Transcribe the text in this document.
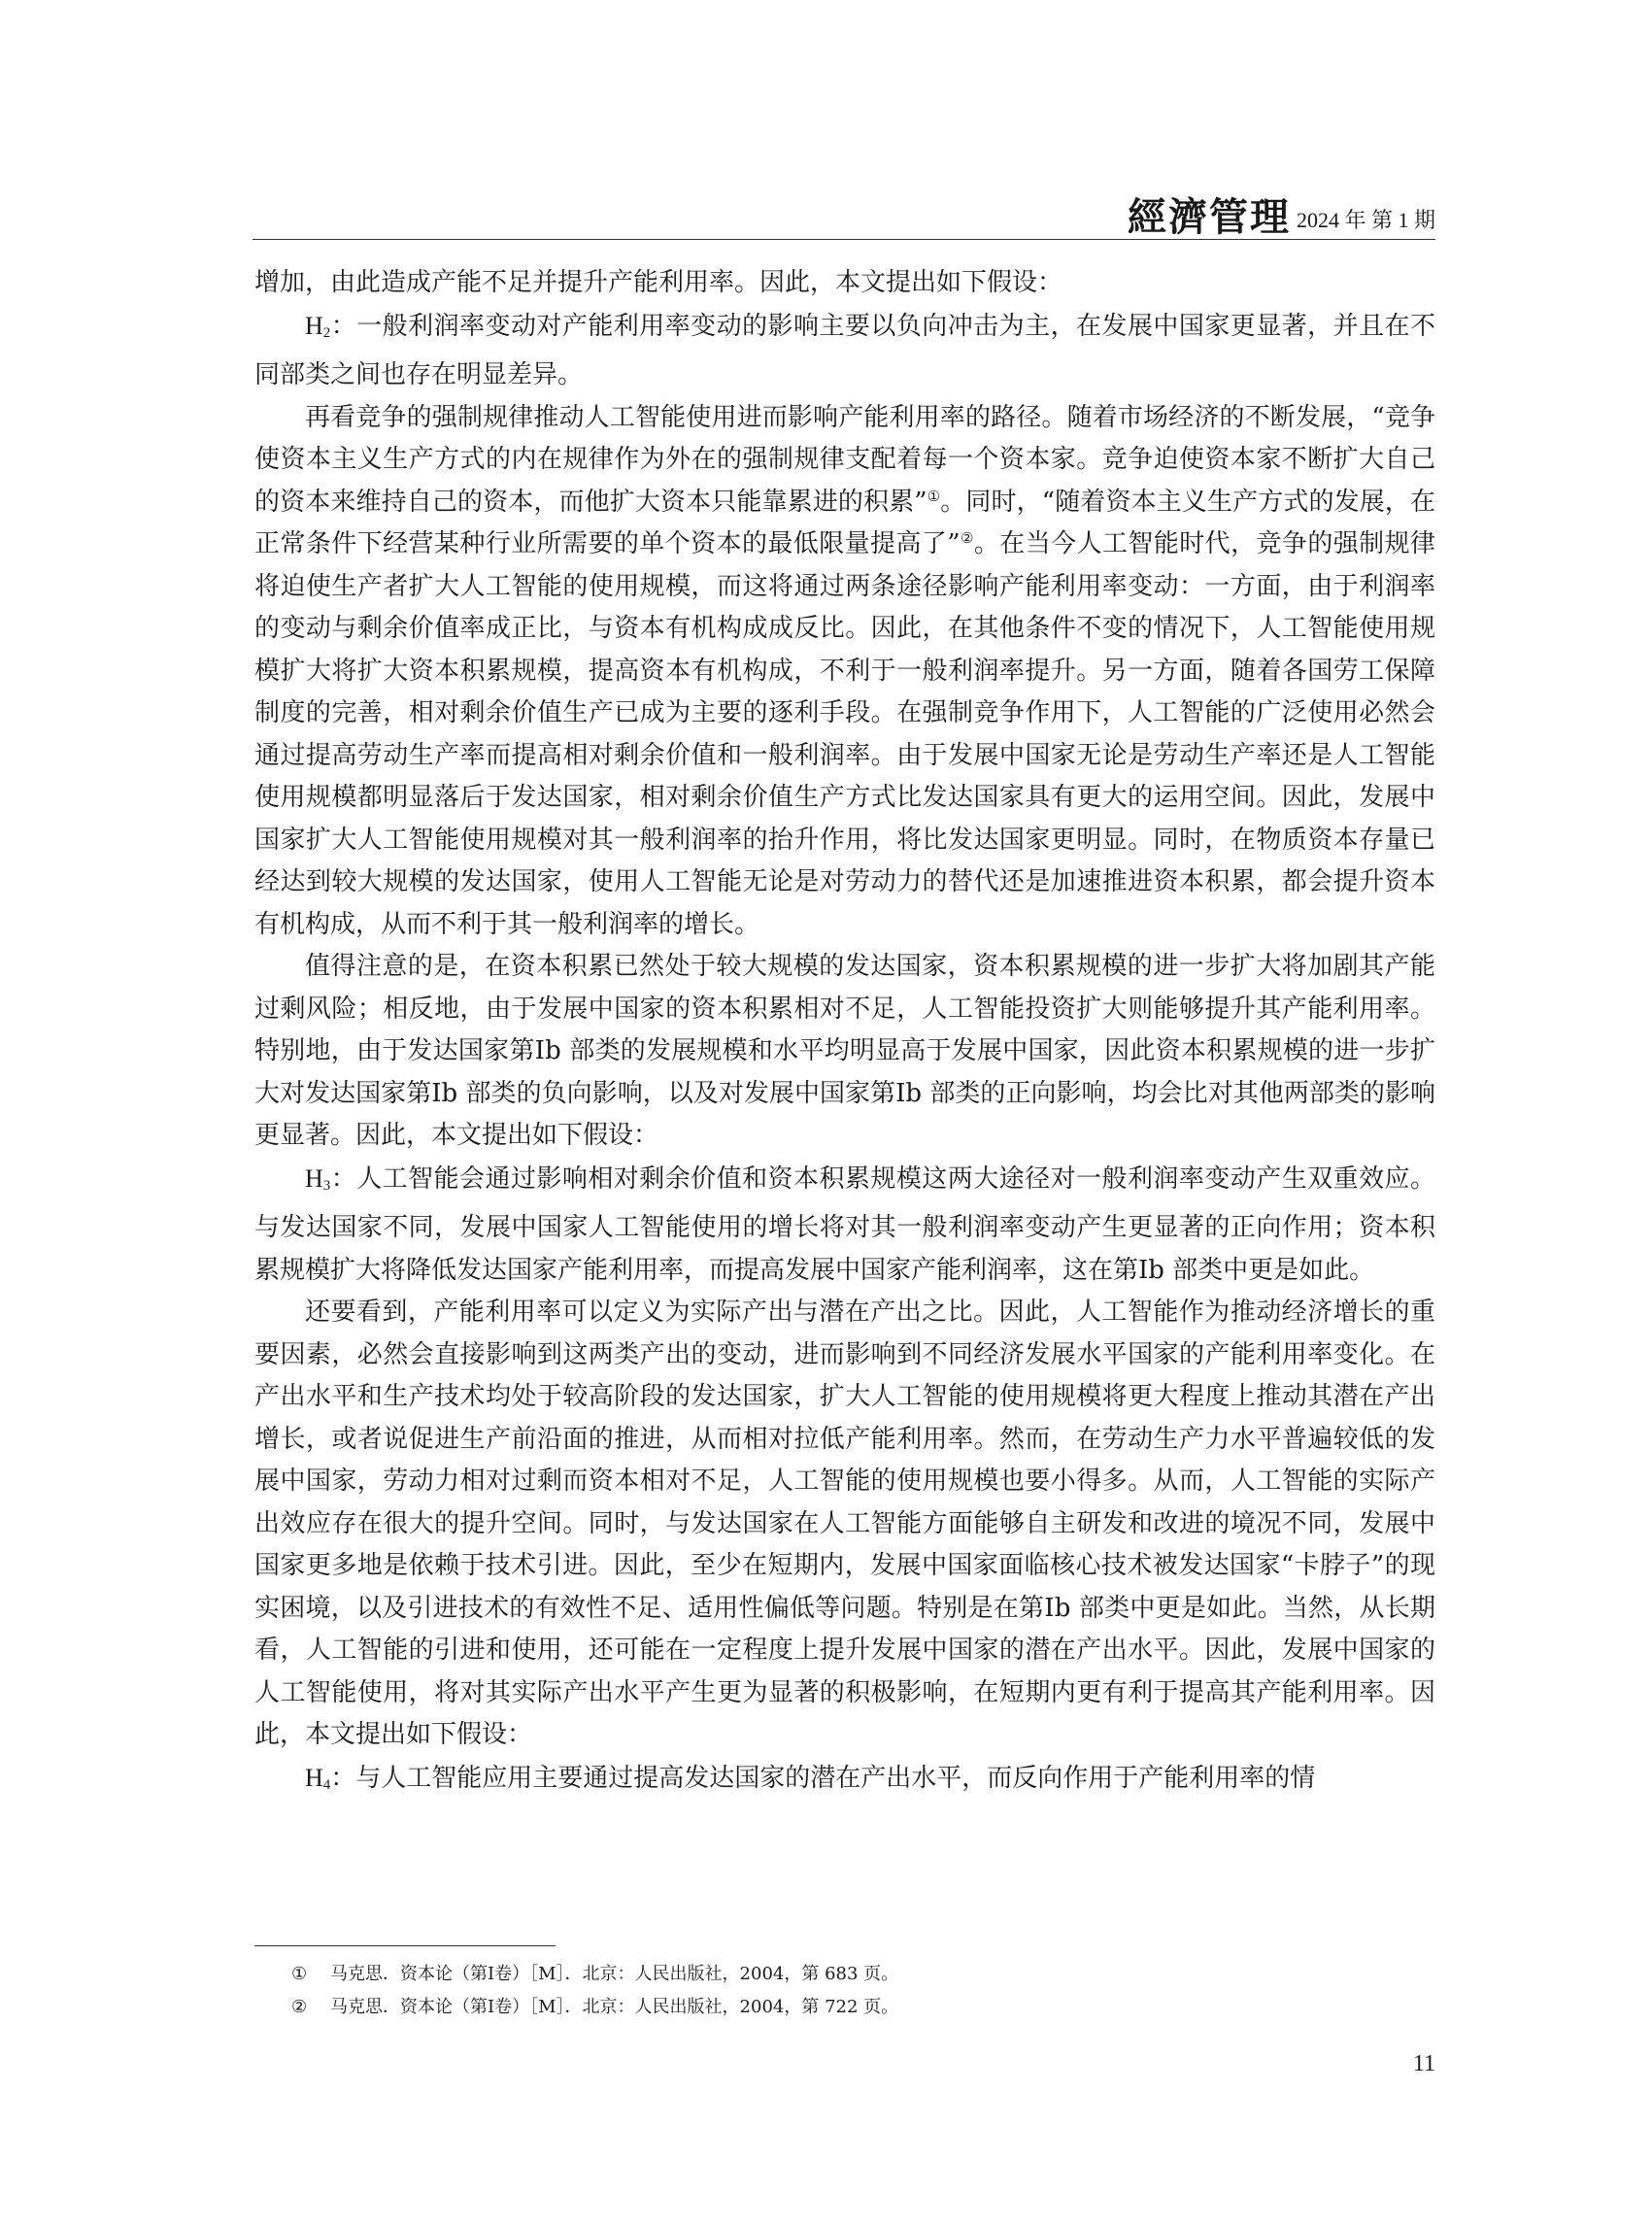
經濟管理 2024 年 第 1 期

增加，由此造成产能不足并提升产能利用率。因此，本文提出如下假设：

$H_2$：一般利润率变动对产能利用率变动的影响主要以负向冲击为主，在发展中国家更显著，并且在不同部类之间也存在明显差异。

再看竞争的强制规律推动人工智能使用进而影响产能利用率的路径。随着市场经济的不断发展，“竞争使资本主义生产方式的内在规律作为外在的强制规律支配着每一个资本家。竞争迫使资本家不断扩大自己的资本来维持自己的资本，而他扩大资本只能靠累进的积累”①。同时，“随着资本主义生产方式的发展，在正常条件下经营某种行业所需要的单个资本的最低限量提高了”②。在当今人工智能时代，竞争的强制规律将迫使生产者扩大人工智能的使用规模，而这将通过两条途径影响产能利用率变动：一方面，由于利润率的变动与剩余价值率成正比，与资本有机构成成反比。因此，在其他条件不变的情况下，人工智能使用规模扩大将扩大资本积累规模，提高资本有机构成，不利于一般利润率提升。另一方面，随着各国劳工保障制度的完善，相对剩余价值生产已成为主要的逐利手段。在强制竞争作用下，人工智能的广泛使用必然会通过提高劳动生产率而提高相对剩余价值和一般利润率。由于发展中国家无论是劳动生产率还是人工智能使用规模都明显落后于发达国家，相对剩余价值生产方式比发达国家具有更大的运用空间。因此，发展中国家扩大人工智能使用规模对其一般利润率的抬升作用，将比发达国家更明显。同时，在物质资本存量已经达到较大规模的发达国家，使用人工智能无论是对劳动力的替代还是加速推进资本积累，都会提升资本有机构成，从而不利于其一般利润率的增长。

值得注意的是，在资本积累已然处于较大规模的发达国家，资本积累规模的进一步扩大将加剧其产能过剩风险；相反地，由于发展中国家的资本积累相对不足，人工智能投资扩大则能够提升其产能利用率。特别地，由于发达国家第Ⅰb 部类的发展规模和水平均明显高于发展中国家，因此资本积累规模的进一步扩大对发达国家第Ⅰb 部类的负向影响，以及对发展中国家第Ⅰb 部类的正向影响，均会比对其他两部类的影响更显著。因此，本文提出如下假设：

$H_3$：人工智能会通过影响相对剩余价值和资本积累规模这两大途径对一般利润率变动产生双重效应。与发达国家不同，发展中国家人工智能使用的增长将对其一般利润率变动产生更显著的正向作用；资本积累规模扩大将降低发达国家产能利用率，而提高发展中国家产能利润率，这在第Ⅰb 部类中更是如此。

还要看到，产能利用率可以定义为实际产出与潜在产出之比。因此，人工智能作为推动经济增长的重要因素，必然会直接影响到这两类产出的变动，进而影响到不同经济发展水平国家的产能利用率变化。在产出水平和生产技术均处于较高阶段的发达国家，扩大人工智能的使用规模将更大程度上推动其潜在产出增长，或者说促进生产前沿面的推进，从而相对拉低产能利用率。然而，在劳动生产力水平普遍较低的发展中国家，劳动力相对过剩而资本相对不足，人工智能的使用规模也要小得多。从而，人工智能的实际产出效应存在很大的提升空间。同时，与发达国家在人工智能方面能够自主研发和改进的境况不同，发展中国家更多地是依赖于技术引进。因此，至少在短期内，发展中国家面临核心技术被发达国家“卡脖子”的现实困境，以及引进技术的有效性不足、适用性偏低等问题。特别是在第Ⅰb 部类中更是如此。当然，从长期看，人工智能的引进和使用，还可能在一定程度上提升发展中国家的潜在产出水平。因此，发展中国家的人工智能使用，将对其实际产出水平产生更为显著的积极影响，在短期内更有利于提高其产能利用率。因此，本文提出如下假设：

$H_4$：与人工智能应用主要通过提高发达国家的潜在产出水平，而反向作用于产能利用率的情

①	马克思．资本论（第Ⅰ卷）［M］．北京：人民出版社，2004，第 683 页。
②	马克思．资本论（第Ⅰ卷）［M］．北京：人民出版社，2004，第 722 页。
11
